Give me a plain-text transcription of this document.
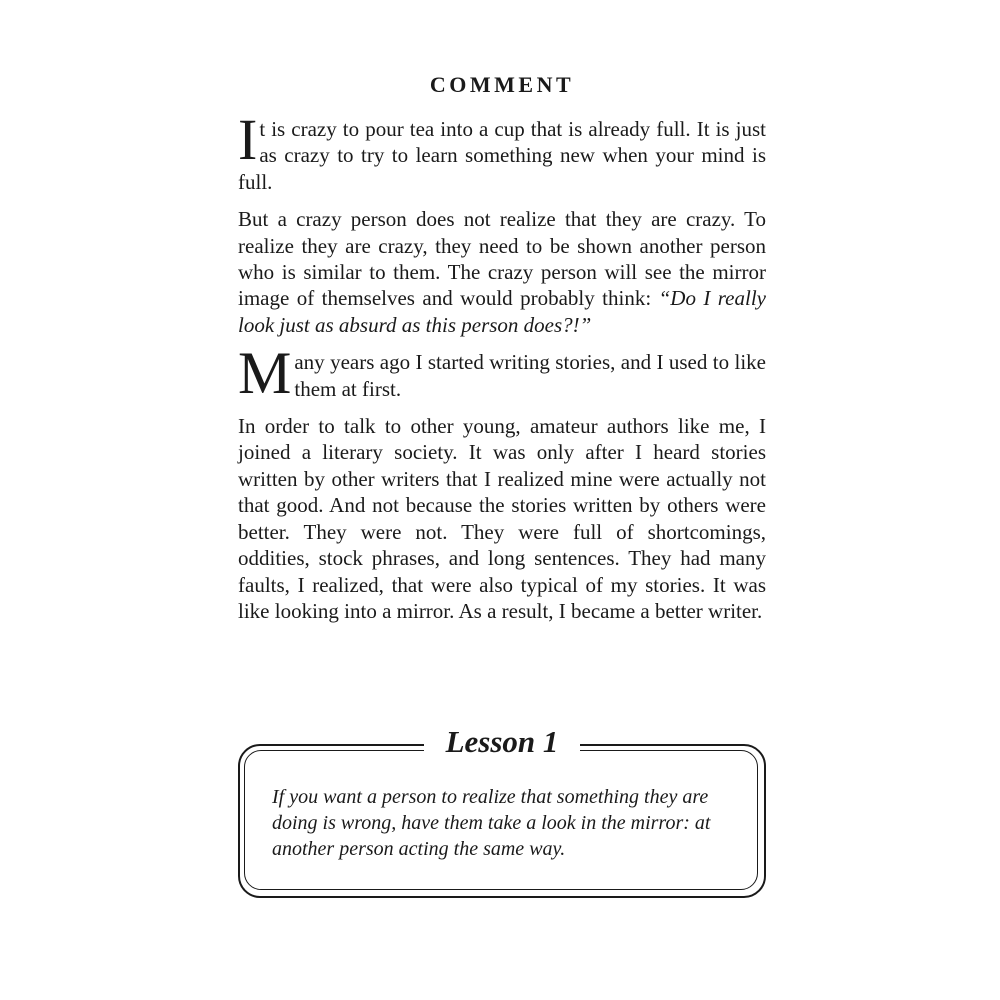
COMMENT

It is crazy to pour tea into a cup that is already full. It is just as crazy to try to learn something new when your mind is full.

But a crazy person does not realize that they are crazy. To realize they are crazy, they need to be shown another person who is similar to them. The crazy person will see the mirror image of themselves and would probably think: “Do I really look just as absurd as this person does?!”

Many years ago I started writing stories, and I used to like them at first.

In order to talk to other young, amateur authors like me, I joined a literary society. It was only after I heard stories written by other writers that I realized mine were actually not that good. And not because the stories written by others were better. They were not. They were full of shortcomings, oddities, stock phrases, and long sentences. They had many faults, I realized, that were also typical of my stories. It was like looking into a mirror. As a result, I became a better writer.

Lesson 1
If you want a person to realize that something they are doing is wrong, have them take a look in the mirror: at another person acting the same way.
